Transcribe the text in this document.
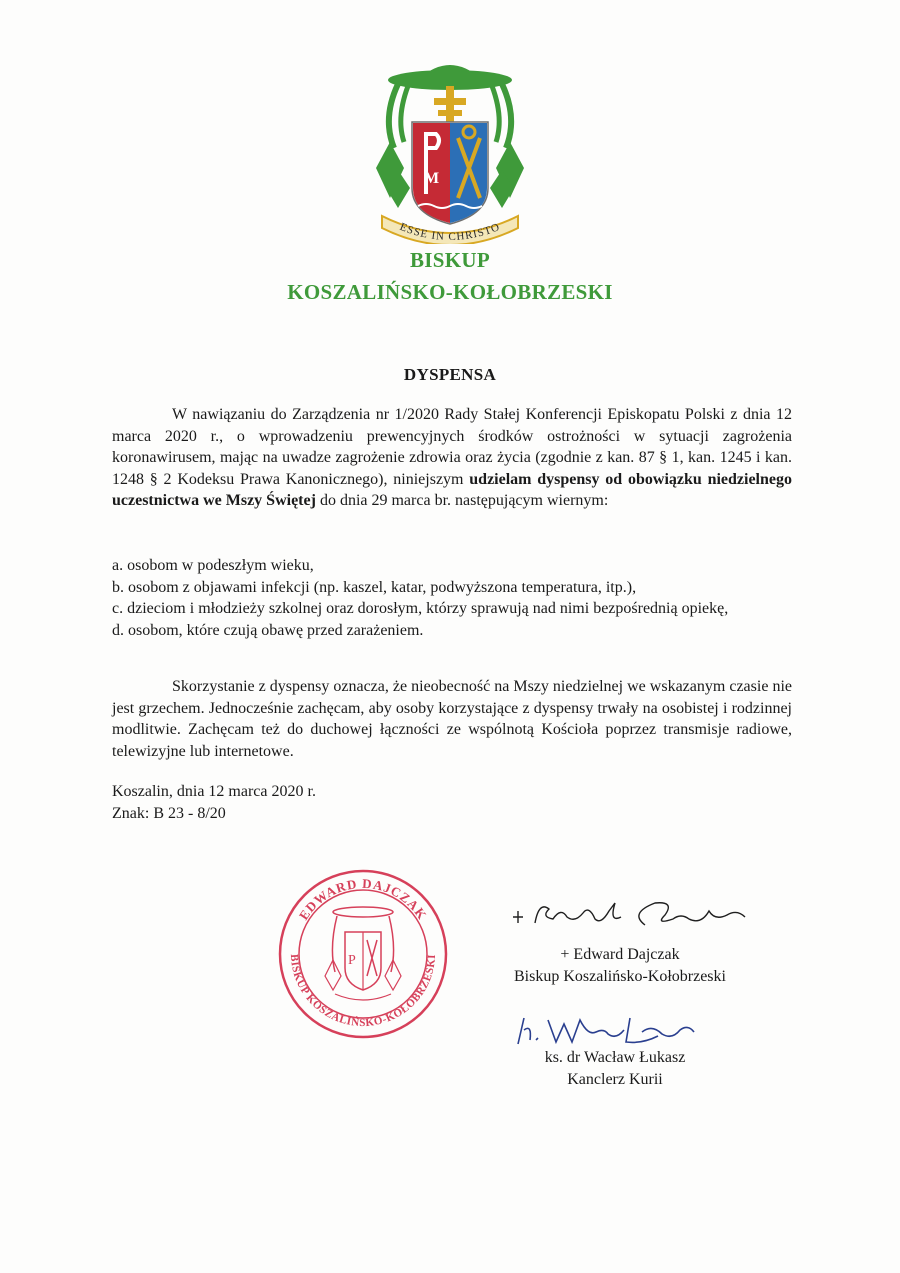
M
ESSE IN CHRISTO
BISKUP
KOSZALIŃSKO-KOŁOBRZESKI
DYSPENSA
W nawiązaniu do Zarządzenia nr 1/2020 Rady Stałej Konferencji Episkopatu Polski z dnia 12 marca 2020 r., o wprowadzeniu prewencyjnych środków ostrożności w sytuacji zagrożenia koronawirusem, mając na uwadze zagrożenie zdrowia oraz życia (zgodnie z kan. 87 § 1, kan. 1245 i kan. 1248 § 2 Kodeksu Prawa Kanonicznego), niniejszym udzielam dyspensy od obowiązku niedzielnego uczestnictwa we Mszy Świętej do dnia 29 marca br. następującym wiernym:
a. osobom w podeszłym wieku,
b. osobom z objawami infekcji (np. kaszel, katar, podwyższona temperatura, itp.),
c. dzieciom i młodzieży szkolnej oraz dorosłym, którzy sprawują nad nimi bezpośrednią opiekę,
d. osobom, które czują obawę przed zarażeniem.
Skorzystanie z dyspensy oznacza, że nieobecność na Mszy niedzielnej we wskazanym czasie nie jest grzechem. Jednocześnie zachęcam, aby osoby korzystające z dyspensy trwały na osobistej i rodzinnej modlitwie. Zachęcam też do duchowej łączności ze wspólnotą Kościoła poprzez transmisje radiowe, telewizyjne lub internetowe.
Koszalin, dnia 12 marca 2020 r.
Znak: B 23 - 8/20
EDWARD DAJCZAK
BISKUP KOSZALIŃSKO-KOŁOBRZESKI
P	+ Edward Dajczak
Biskup Koszalińsko-Kołobrzeski
ks. dr Wacław Łukasz
Kanclerz Kurii
